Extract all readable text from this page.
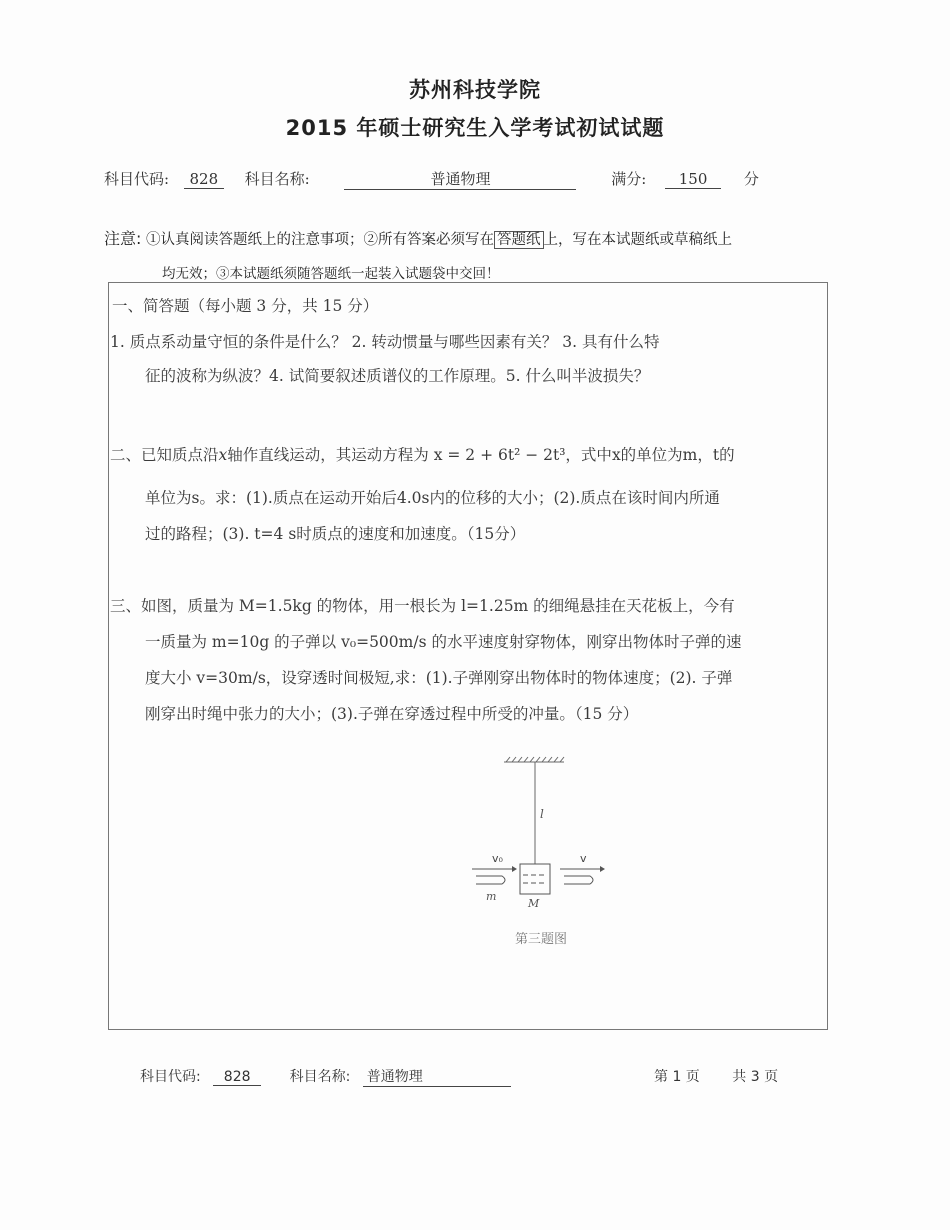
苏州科技学院
2015 年硕士研究生入学考试初试试题
科目代码: 828 科目名称:	普通物理	满分: 150 分
注意: ①认真阅读答题纸上的注意事项；②所有答案必须写在 答题纸 上，写在本试题纸或草稿纸上
均无效；③本试题纸须随答题纸一起装入试题袋中交回！
一、简答题（每小题 3 分，共 15 分）
1. 质点系动量守恒的条件是什么？ 2. 转动惯量与哪些因素有关？ 3. 具有什么特
征的波称为纵波？4. 试简要叙述质谱仪的工作原理。5. 什么叫半波损失？
二、已知质点沿x轴作直线运动，其运动方程为 x = 2 + 6t² − 2t³，式中x的单位为m，t的
单位为s。求：(1).质点在运动开始后4.0s内的位移的大小；(2).质点在该时间内所通
过的路程；(3). t=4 s时质点的速度和加速度。（15分）
三、如图，质量为 M=1.5kg 的物体，用一根长为 l=1.25m 的细绳悬挂在天花板上，今有
一质量为 m=10g 的子弹以 v₀=500m/s 的水平速度射穿物体，刚穿出物体时子弹的速
度大小 v=30m/s，设穿透时间极短,求：(1).子弹刚穿出物体时的物体速度；(2). 子弹
刚穿出时绳中张力的大小；(3).子弹在穿透过程中所受的冲量。（15 分）
l
v₀
m
v
M
第三题图
科目代码: 828	科目名称: 普通物理	第 1 页 共 3 页
